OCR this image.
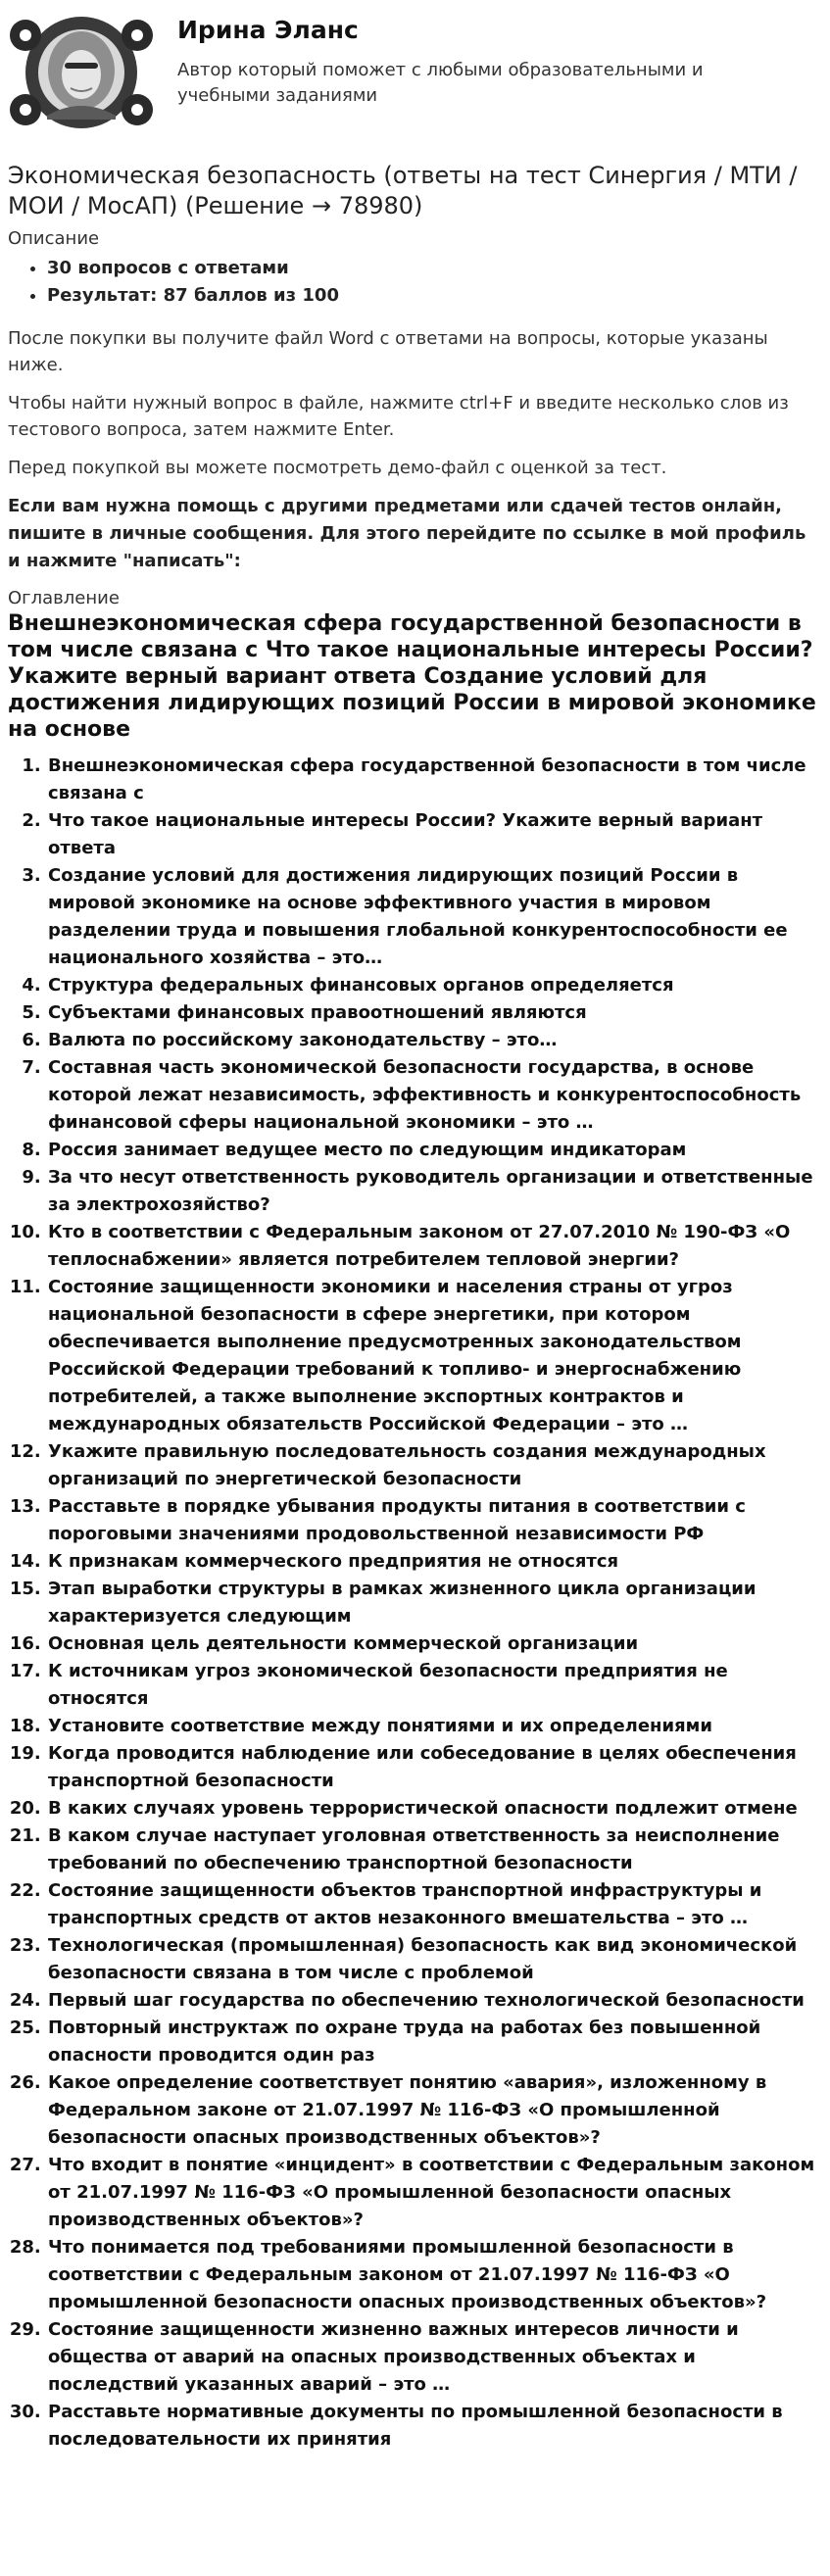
Ирина Эланс
Автор который поможет с любыми образовательными и учебными заданиями
Экономическая безопасность (ответы на тест Синергия / МТИ / МОИ / МосАП) (Решение → 78980)
Описание
• 30 вопросов с ответами
• Результат: 87 баллов из 100

После покупки вы получите файл Word с ответами на вопросы, которые указаны ниже.

Чтобы найти нужный вопрос в файле, нажмите ctrl+F и введите несколько слов из тестового вопроса, затем нажмите Enter.

Перед покупкой вы можете посмотреть демо-файл с оценкой за тест.

Если вам нужна помощь с другими предметами или сдачей тестов онлайн, пишите в личные сообщения. Для этого перейдите по ссылке в мой профиль и нажмите "написать":

Оглавление
Внешнеэкономическая сфера государственной безопасности в том числе связана с Что такое национальные интересы России? Укажите верный вариант ответа Создание условий для достижения лидирующих позиций России в мировой экономике на основе
1. Внешнеэкономическая сфера государственной безопасности в том числе связана с
2. Что такое национальные интересы России? Укажите верный вариант ответа
3. Создание условий для достижения лидирующих позиций России в мировой экономике на основе эффективного участия в мировом разделении труда и повышения глобальной конкурентоспособности ее национального хозяйства – это…
4. Структура федеральных финансовых органов определяется
5. Субъектами финансовых правоотношений являются
6. Валюта по российскому законодательству – это…
7. Составная часть экономической безопасности государства, в основе которой лежат независимость, эффективность и конкурентоспособность финансовой сферы национальной экономики – это …
8. Россия занимает ведущее место по следующим индикаторам
9. За что несут ответственность руководитель организации и ответственные за электрохозяйство?
10. Кто в соответствии с Федеральным законом от 27.07.2010 № 190-ФЗ «О теплоснабжении» является потребителем тепловой энергии?
11. Состояние защищенности экономики и населения страны от угроз национальной безопасности в сфере энергетики, при котором обеспечивается выполнение предусмотренных законодательством Российской Федерации требований к топливо- и энергоснабжению потребителей, а также выполнение экспортных контрактов и международных обязательств Российской Федерации – это …
12. Укажите правильную последовательность создания международных организаций по энергетической безопасности
13. Расставьте в порядке убывания продукты питания в соответствии с пороговыми значениями продовольственной независимости РФ
14. К признакам коммерческого предприятия не относятся
15. Этап выработки структуры в рамках жизненного цикла организации характеризуется следующим
16. Основная цель деятельности коммерческой организации
17. К источникам угроз экономической безопасности предприятия не относятся
18. Установите соответствие между понятиями и их определениями
19. Когда проводится наблюдение или собеседование в целях обеспечения транспортной безопасности
20. В каких случаях уровень террористической опасности подлежит отмене
21. В каком случае наступает уголовная ответственность за неисполнение требований по обеспечению транспортной безопасности
22. Состояние защищенности объектов транспортной инфраструктуры и транспортных средств от актов незаконного вмешательства – это …
23. Технологическая (промышленная) безопасность как вид экономической безопасности связана в том числе с проблемой
24. Первый шаг государства по обеспечению технологической безопасности
25. Повторный инструктаж по охране труда на работах без повышенной опасности проводится один раз
26. Какое определение соответствует понятию «авария», изложенному в Федеральном законе от 21.07.1997 № 116-ФЗ «О промышленной безопасности опасных производственных объектов»?
27. Что входит в понятие «инцидент» в соответствии с Федеральным законом от 21.07.1997 № 116-ФЗ «О промышленной безопасности опасных производственных объектов»?
28. Что понимается под требованиями промышленной безопасности в соответствии с Федеральным законом от 21.07.1997 № 116-ФЗ «О промышленной безопасности опасных производственных объектов»?
29. Состояние защищенности жизненно важных интересов личности и общества от аварий на опасных производственных объектах и последствий указанных аварий – это …
30. Расставьте нормативные документы по промышленной безопасности в последовательности их принятия
